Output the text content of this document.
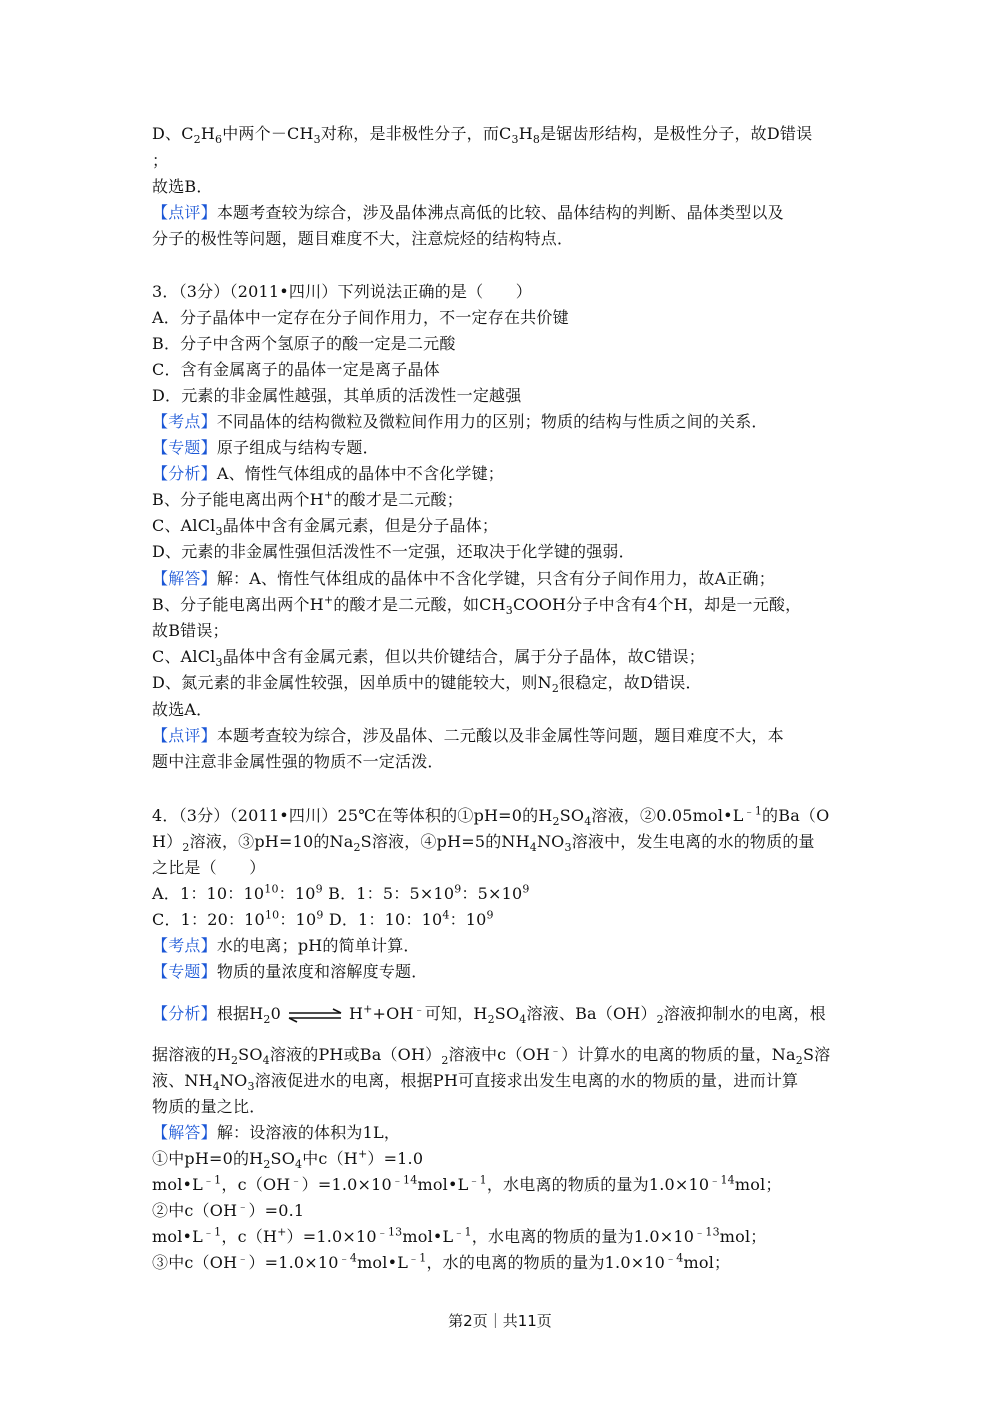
D、$C_2H_6$中两个$-CH_3$对称，是非极性分子，而$C_3H_8$是锯齿形结构，是极性分子，故D错误
；
故选B．
【点评】本题考查较为综合，涉及晶体沸点高低的比较、晶体结构的判断、晶体类型以及
分子的极性等问题，题目难度不大，注意烷烃的结构特点．
3．（3分）（2011•四川）下列说法正确的是（　　）
A．分子晶体中一定存在分子间作用力，不一定存在共价键
B．分子中含两个氢原子的酸一定是二元酸
C．含有金属离子的晶体一定是离子晶体
D．元素的非金属性越强，其单质的活泼性一定越强
【考点】不同晶体的结构微粒及微粒间作用力的区别；物质的结构与性质之间的关系．
【专题】原子组成与结构专题．
【分析】A、惰性气体组成的晶体中不含化学键；
B、分子能电离出两个H+的酸才是二元酸；
C、AlCl$_3$晶体中含有金属元素，但是分子晶体；
D、元素的非金属性强但活泼性不一定强，还取决于化学键的强弱．
【解答】解：A、惰性气体组成的晶体中不含化学键，只含有分子间作用力，故A正确；
B、分子能电离出两个H+的酸才是二元酸，如$CH_3COOH$分子中含有4个H，却是一元酸，
故B错误；
C、AlCl$_3$晶体中含有金属元素，但以共价键结合，属于分子晶体，故C错误；
D、氮元素的非金属性较强，因单质中的键能较大，则$N_2$很稳定，故D错误．
故选A．
【点评】本题考查较为综合，涉及晶体、二元酸以及非金属性等问题，题目难度不大，本
题中注意非金属性强的物质不一定活泼．
4．（3分）（2011•四川）25℃在等体积的①pH=0的$H_2SO_4$溶液，$②0.05mol•L^{﹣1}$的Ba（O
$H)_2$溶液，③pH=10的$Na_2S$溶液，④pH=5的$NH_4NO_3$溶液中，发生电离的水的物质的量
之比是（　　）
A．1：10：$10^{10}$：$10^9$ B．1：5：$5\times 10^9$：$5\times 10^9$
C．1：20：$10^{10}$：$10^9$ D．1：10：$10^4$：$10^9$
【考点】水的电离；pH的简单计算．
【专题】物质的量浓度和溶解度专题．
【分析】根据$H_20$ ⇌ H++OH﹣可知，$H_2SO_4$溶液、$Ba(OH)_2$溶液抑制水的电离，根
据溶液的$H_2SO_4$溶液的PH或$Ba(OH)_2$溶液中c（OH﹣）计算水的电离的物质的量，$Na_2S$溶
液、$NH_4NO_3$溶液促进水的电离，根据PH可直接求出发生电离的水的物质的量，进而计算
物质的量之比．
【解答】解：设溶液的体积为1L，
①中pH=0的$H_2SO_4$中c（H+）=1.0
$mol•L^{﹣1}$，$c(OH^﹣)=1.0\times 10^{﹣14}mol•L^{﹣1}$，水电离的物质的量为$1.0\times 10^{﹣14}mol$；
②中c（OH﹣）=0.1
$mol•L^{﹣1}$，$c(H^+)=1.0\times 10^{﹣13}mol•L^{﹣1}$，水电离的物质的量为$1.0\times 10^{﹣13}mol$；
③中$c(OH^﹣)=1.0\times 10^{﹣4}mol•L^{﹣1}$，水的电离的物质的量为$1.0\times 10^{﹣4}mol$；
第2页｜共11页
